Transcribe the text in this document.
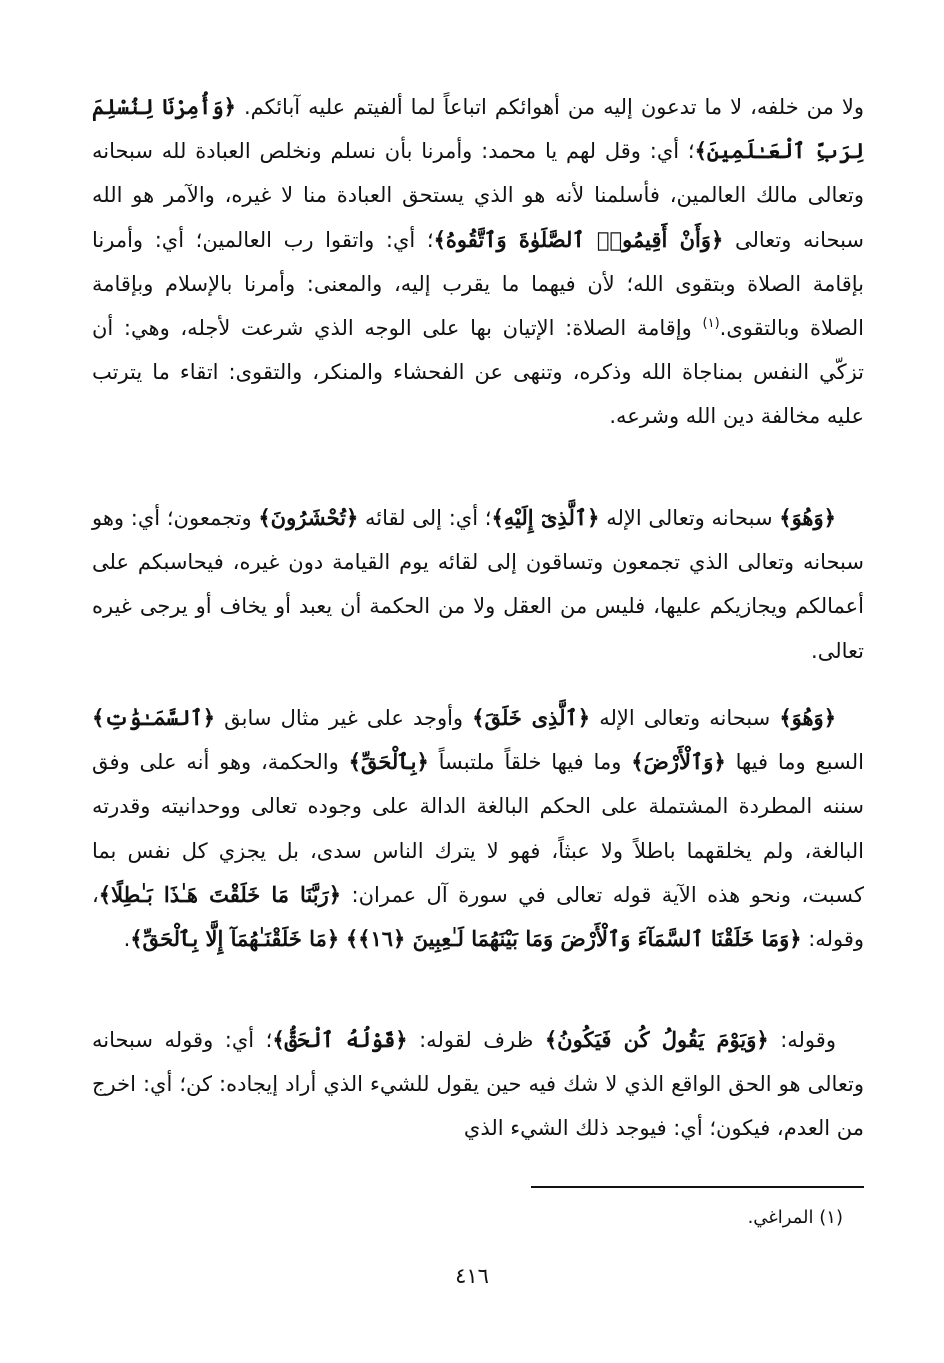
ولا من خلفه، لا ما تدعون إليه من أهوائكم اتباعاً لما ألفيتم عليه آبائكم. ﴿وَأُمِرْنَا لِنُسْلِمَ لِرَبِّ ٱلْعَـٰلَمِينَ﴾؛ أي: وقل لهم يا محمد: وأمرنا بأن نسلم ونخلص العبادة لله سبحانه وتعالى مالك العالمين، فأسلمنا لأنه هو الذي يستحق العبادة منا لا غيره، والآمر هو الله سبحانه وتعالى ﴿وَأَنْ أَقِيمُوا۟ ٱلصَّلَوٰةَ وَٱتَّقُوهُ﴾؛ أي: واتقوا رب العالمين؛ أي: وأمرنا بإقامة الصلاة وبتقوى الله؛ لأن فيهما ما يقرب إليه، والمعنى: وأمرنا بالإسلام وبإقامة الصلاة وبالتقوى.$^{(١)}$ وإقامة الصلاة: الإتيان بها على الوجه الذي شرعت لأجله، وهي: أن تزكّي النفس بمناجاة الله وذكره، وتنهى عن الفحشاء والمنكر، والتقوى: اتقاء ما يترتب عليه مخالفة دين الله وشرعه.
﴿وَهُوَ﴾ سبحانه وتعالى الإله ﴿ٱلَّذِىٓ إِلَيْهِ﴾؛ أي: إلى لقائه ﴿تُحْشَرُونَ﴾ وتجمعون؛ أي: وهو سبحانه وتعالى الذي تجمعون وتساقون إلى لقائه يوم القيامة دون غيره، فيحاسبكم على أعمالكم ويجازيكم عليها، فليس من العقل ولا من الحكمة أن يعبد أو يخاف أو يرجى غيره تعالى.
﴿وَهُوَ﴾ سبحانه وتعالى الإله ﴿ٱلَّذِى خَلَقَ﴾ وأوجد على غير مثال سابق ﴿ٱلسَّمَـٰوَٰتِ﴾ السبع وما فيها ﴿وَٱلْأَرْضَ﴾ وما فيها خلقاً ملتبساً ﴿بِٱلْحَقِّ﴾ والحكمة، وهو أنه على وفق سننه المطردة المشتملة على الحكم البالغة الدالة على وجوده تعالى ووحدانيته وقدرته البالغة، ولم يخلقهما باطلاً ولا عبثاً، فهو لا يترك الناس سدى، بل يجزي كل نفس بما كسبت، ونحو هذه الآية قوله تعالى في سورة آل عمران: ﴿رَبَّنَا مَا خَلَقْتَ هَـٰذَا بَـٰطِلًا﴾، وقوله: ﴿وَمَا خَلَقْنَا ٱلسَّمَآءَ وَٱلْأَرْضَ وَمَا بَيْنَهُمَا لَـٰعِبِينَ ﴿١٦﴾﴾ ﴿مَا خَلَقْنَـٰهُمَآ إِلَّا بِٱلْحَقِّ﴾.
وقوله: ﴿وَيَوْمَ يَقُولُ كُن فَيَكُونُ﴾ ظرف لقوله: ﴿قَوْلُهُ ٱلْحَقُّ﴾؛ أي: وقوله سبحانه وتعالى هو الحق الواقع الذي لا شك فيه حين يقول للشيء الذي أراد إيجاده: كن؛ أي: اخرج من العدم، فيكون؛ أي: فيوجد ذلك الشيء الذي
(١) المراغي.
٤١٦
